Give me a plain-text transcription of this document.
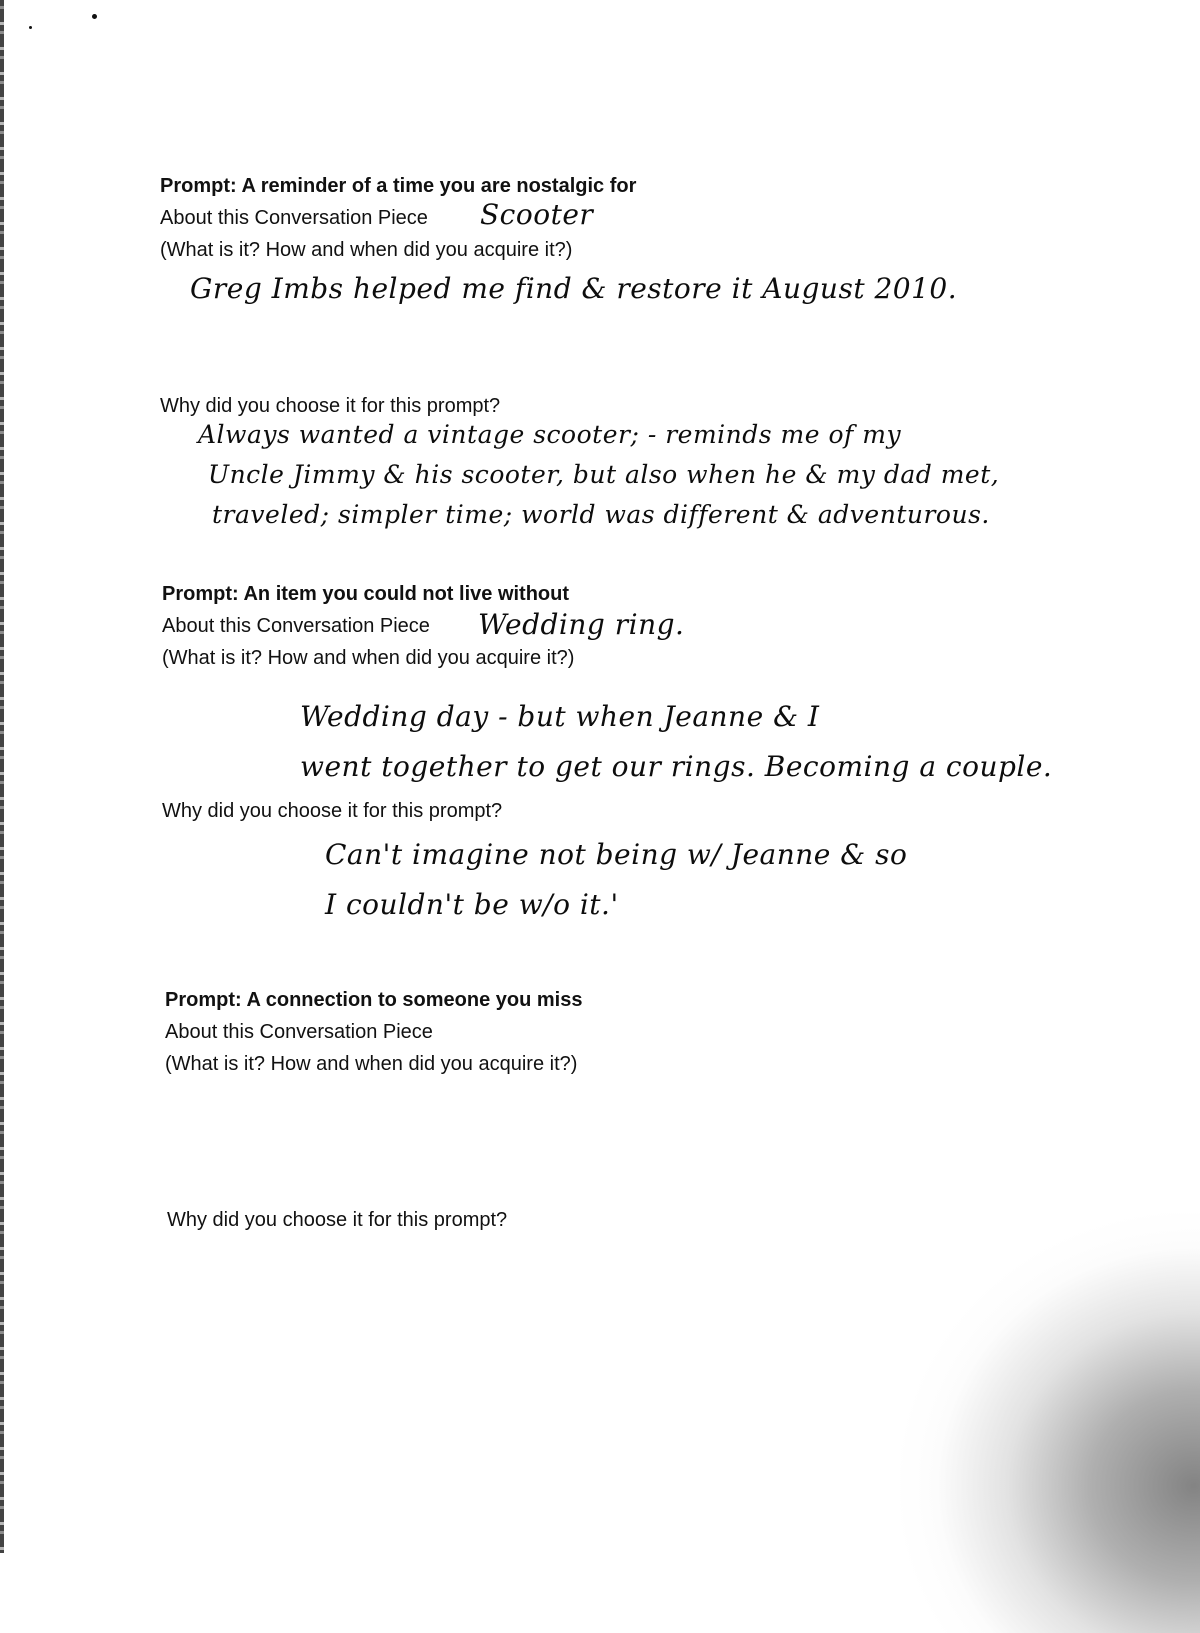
Prompt: A reminder of a time you are nostalgic for
About this Conversation Piece
(What is it? How and when did you acquire it?)
Scooter
Greg Imbs helped me find & restore it August 2010.
Why did you choose it for this prompt?
Always wanted a vintage scooter; - reminds me of my
Uncle Jimmy & his scooter, but also when he & my dad met,
traveled; simpler time; world was different & adventurous.
Prompt: An item you could not live without
About this Conversation Piece
(What is it? How and when did you acquire it?)
Wedding ring.
Wedding day - but when Jeanne & I
went together to get our rings. Becoming a couple.
Why did you choose it for this prompt?
Can't imagine not being w/ Jeanne & so
I couldn't be w/o it.'
Prompt: A connection to someone you miss
About this Conversation Piece
(What is it? How and when did you acquire it?)
Why did you choose it for this prompt?
